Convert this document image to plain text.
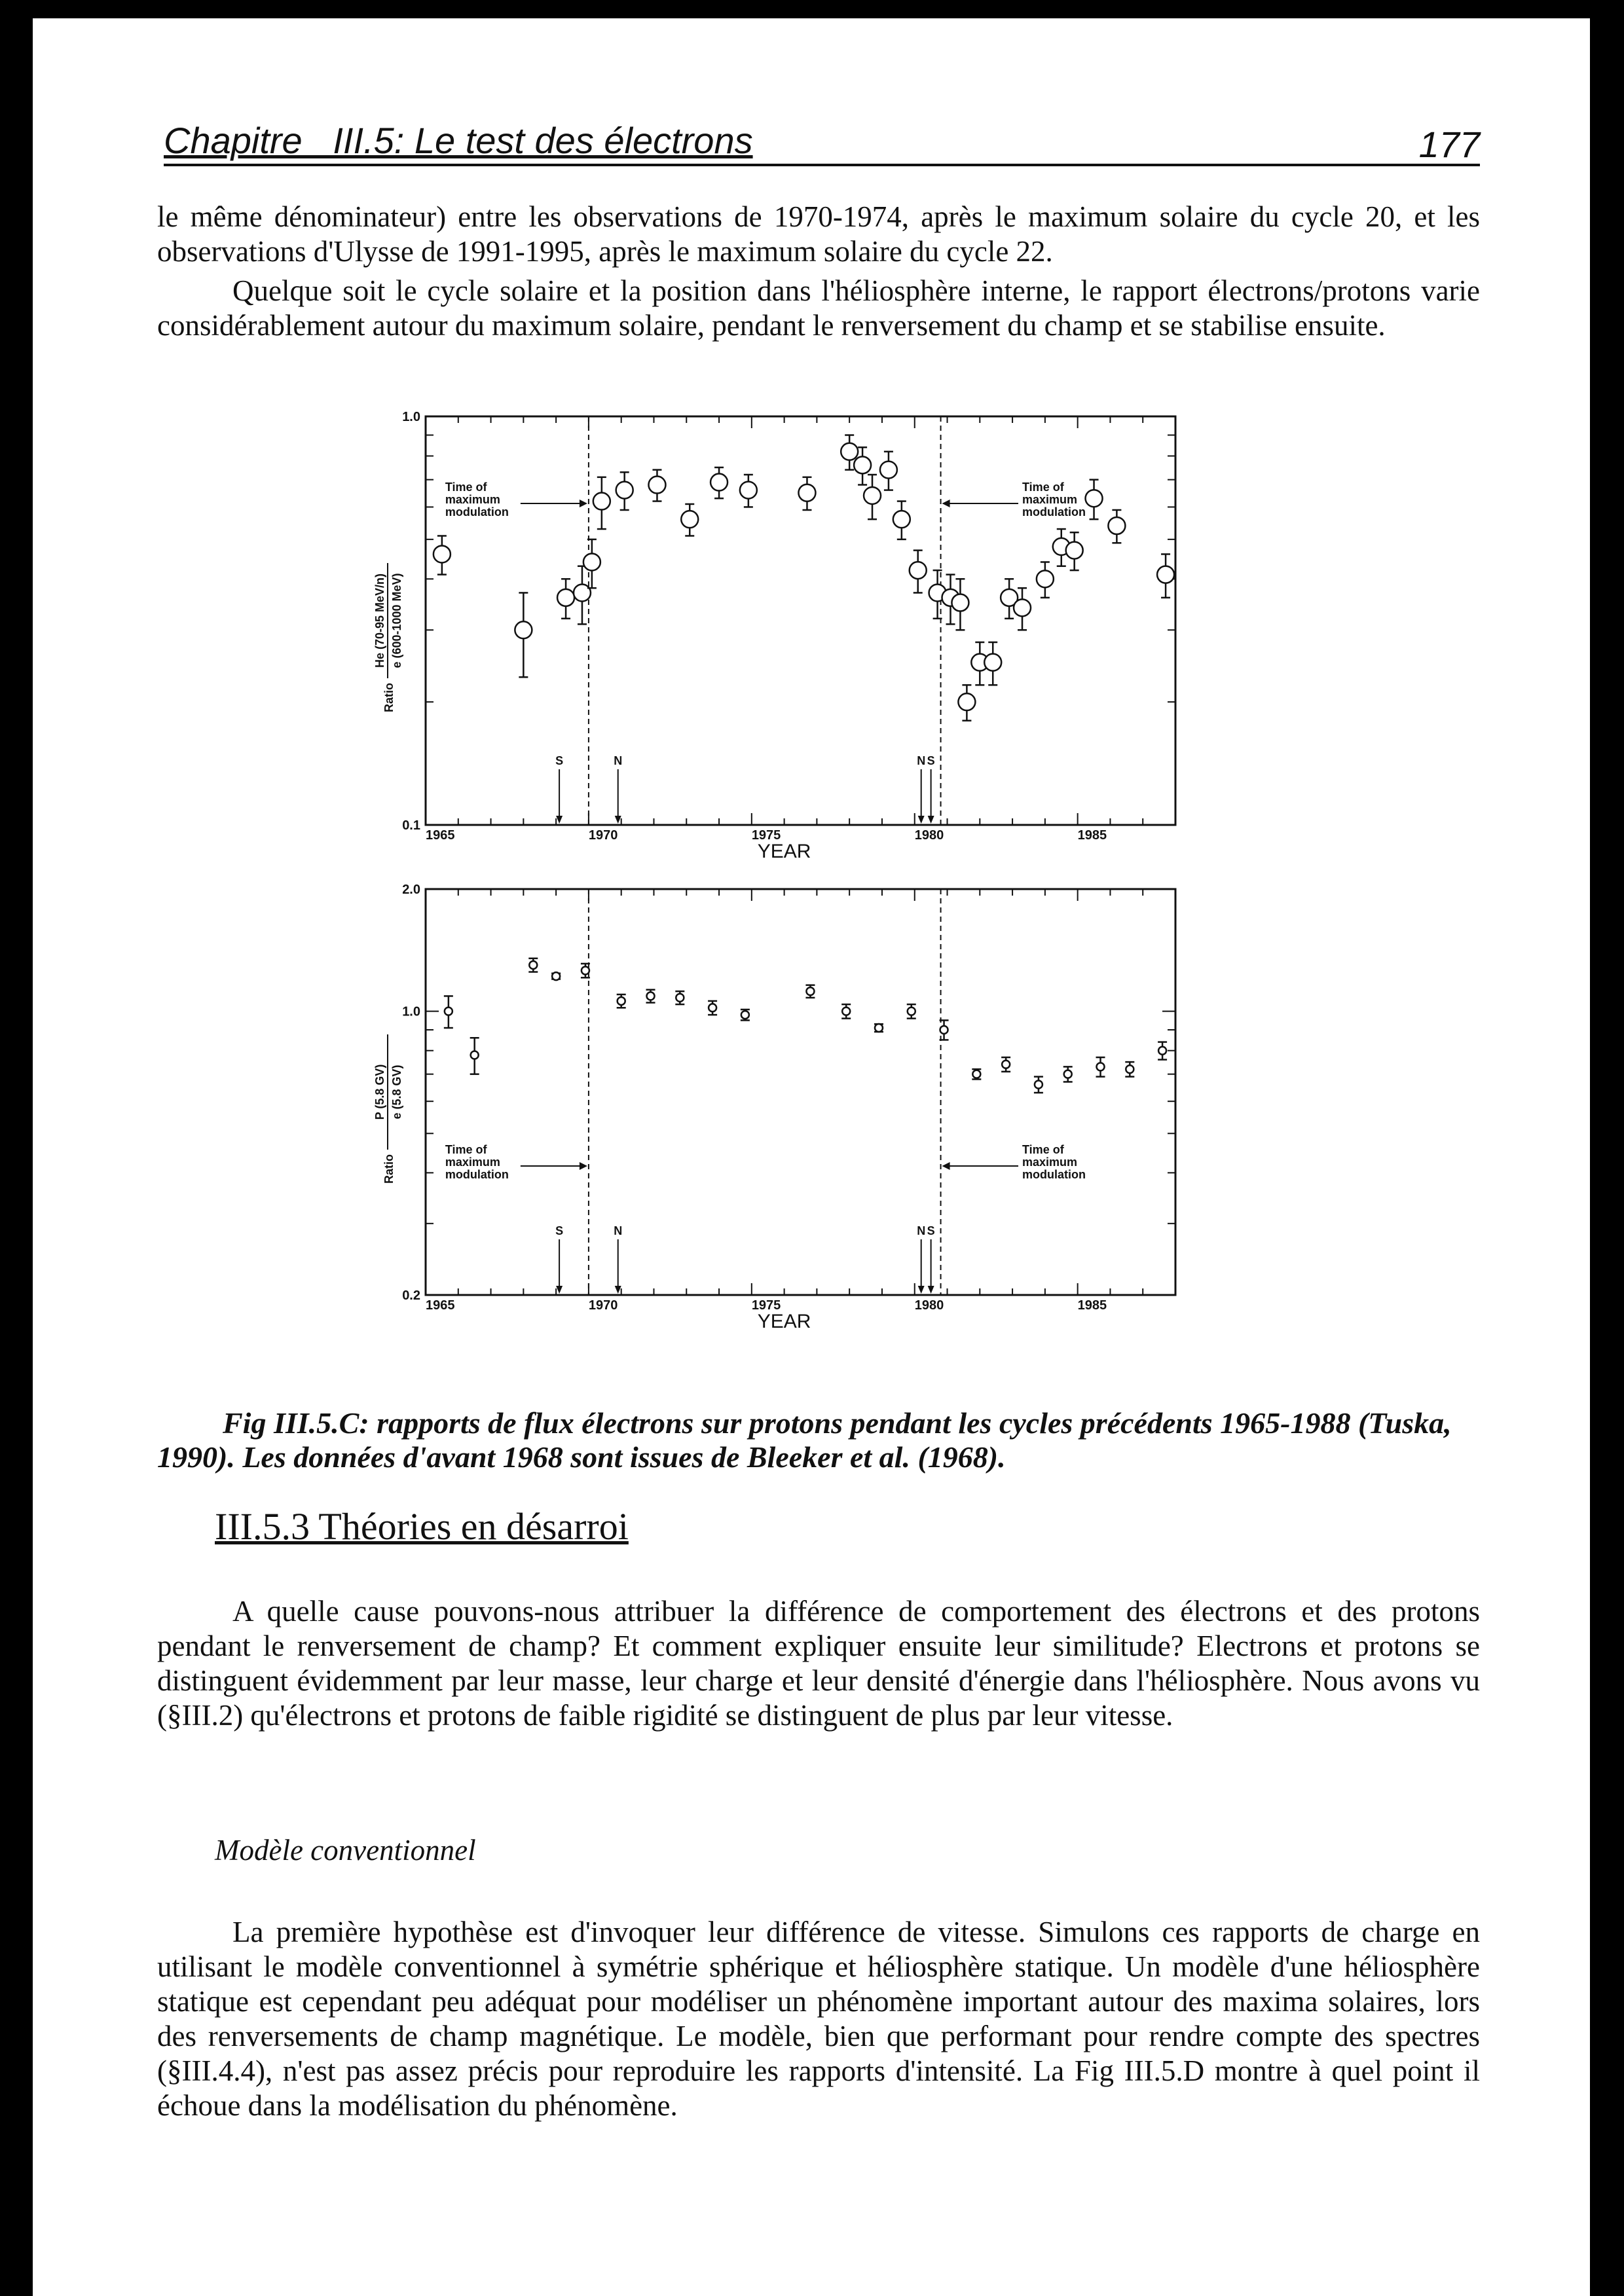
Chapitre   III.5: Le test des électrons	177

le même dénominateur) entre les observations de 1970-1974, après le maximum solaire du cycle 20, et les observations d'Ulysse de 1991-1995, après le maximum solaire du cycle 22.

Quelque soit le cycle solaire et la position dans l'héliosphère interne, le rapport électrons/protons varie considérablement autour du maximum solaire, pendant le renversement du champ et se stabilise ensuite.

1965	1970	1975	1980	1985
YEAR
0.1
1.0
Ratio
He (70-95 MeV/n) e (600-1000 MeV)
Time of maximum modulation
Time of maximum modulation
S	N	N S
1965	1970	1975	1980	1985
YEAR
0.2
1.0
2.0
Ratio
P (5.8 GV) e (5.8 GV)
Time of maximum modulation
Time of maximum modulation
S	N	N S

Fig III.5.C: rapports de flux électrons sur protons pendant les cycles précédents 1965-1988 (Tuska, 1990). Les données d'avant 1968 sont issues de Bleeker et al. (1968).

III.5.3 Théories en désarroi

A quelle cause pouvons-nous attribuer la différence de comportement des électrons et des protons pendant le renversement de champ? Et comment expliquer ensuite leur similitude? Electrons et protons se distinguent évidemment par leur masse, leur charge et leur densité d'énergie dans l'héliosphère. Nous avons vu (§III.2) qu'électrons et protons de faible rigidité se distinguent de plus par leur vitesse.

Modèle conventionnel

La première hypothèse est d'invoquer leur différence de vitesse. Simulons ces rapports de charge en utilisant le modèle conventionnel à symétrie sphérique et héliosphère statique. Un modèle d'une héliosphère statique est cependant peu adéquat pour modéliser un phénomène important autour des maxima solaires, lors des renversements de champ magnétique. Le modèle, bien que performant pour rendre compte des spectres (§III.4.4), n'est pas assez précis pour reproduire les rapports d'intensité. La Fig III.5.D montre à quel point il échoue dans la modélisation du phénomène.
